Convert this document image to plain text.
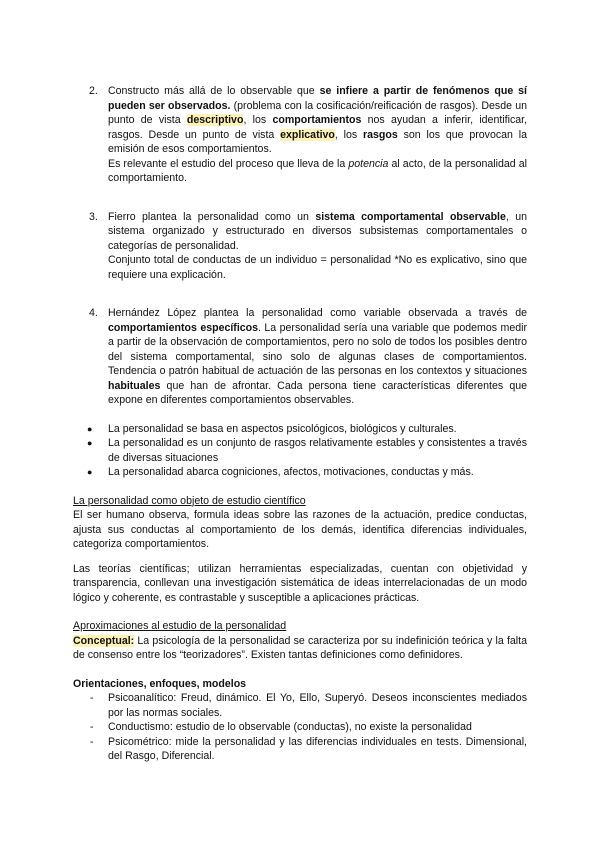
2. Constructo más allá de lo observable que se infiere a partir de fenómenos que sí pueden ser observados. (problema con la cosificación/reificación de rasgos). Desde un punto de vista descriptivo, los comportamientos nos ayudan a inferir, identificar, rasgos. Desde un punto de vista explicativo, los rasgos son los que provocan la emisión de esos comportamientos.

Es relevante el estudio del proceso que lleva de la potencia al acto, de la personalidad al comportamiento.

3. Fierro plantea la personalidad como un sistema comportamental observable, un sistema organizado y estructurado en diversos subsistemas comportamentales o categorías de personalidad.

Conjunto total de conductas de un individuo = personalidad *No es explicativo, sino que requiere una explicación.

4. Hernández López plantea la personalidad como variable observada a través de comportamientos específicos. La personalidad sería una variable que podemos medir a partir de la observación de comportamientos, pero no solo de todos los posibles dentro del sistema comportamental, sino solo de algunas clases de comportamientos. Tendencia o patrón habitual de actuación de las personas en los contextos y situaciones habituales que han de afrontar. Cada persona tiene características diferentes que expone en diferentes comportamientos observables.

● La personalidad se basa en aspectos psicológicos, biológicos y culturales.
● La personalidad es un conjunto de rasgos relativamente estables y consistentes a través de diversas situaciones
● La personalidad abarca cogniciones, afectos, motivaciones, conductas y más.

La personalidad como objeto de estudio científico

El ser humano observa, formula ideas sobre las razones de la actuación, predice conductas, ajusta sus conductas al comportamiento de los demás, identifica diferencias individuales, categoriza comportamientos.

Las teorías científicas; utilizan herramientas especializadas, cuentan con objetividad y transparencia, conllevan una investigación sistemática de ideas interrelacionadas de un modo lógico y coherente, es contrastable y susceptible a aplicaciones prácticas.

Aproximaciones al estudio de la personalidad

Conceptual: La psicología de la personalidad se caracteriza por su indefinición teórica y la falta de consenso entre los “teorizadores”. Existen tantas definiciones como definidores.

Orientaciones, enfoques, modelos

- Psicoanalítico: Freud, dinámico. El Yo, Ello, Superyó. Deseos inconscientes mediados por las normas sociales.
- Conductismo: estudio de lo observable (conductas), no existe la personalidad
- Psicométrico: mide la personalidad y las diferencias individuales en tests. Dimensional, del Rasgo, Diferencial.
